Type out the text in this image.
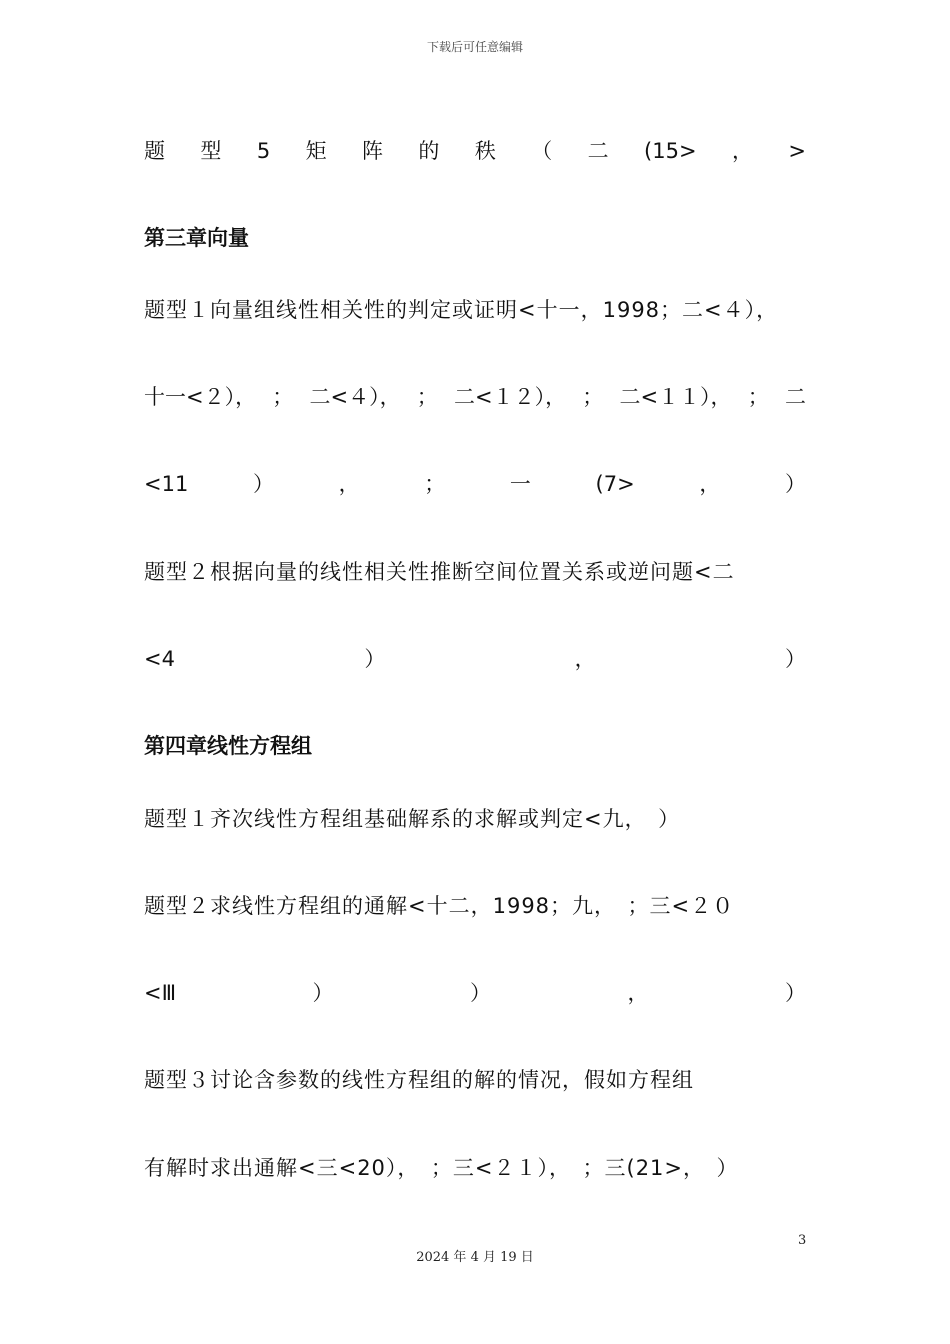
下载后可任意编辑
题 型 5 矩 阵 的 秩 （ 二 (15> ， >
第三章向量
题型１向量组线性相关性的判定或证明<十一，1998；二<４），
十一<２）， ； 二<４）， ； 二<１２）， ； 二<１１）， ； 二
<11	）	，	；	一	(7>	，	）
题型２根据向量的线性相关性推断空间位置关系或逆问题<二
<4	）	，	）
第四章线性方程组
题型１齐次线性方程组基础解系的求解或判定<九，　）
题型２求线性方程组的通解<十二，1998；九，　；三<２０
<Ⅲ	）	）	，	）
题型３讨论含参数的线性方程组的解的情况，假如方程组
有解时求出通解<三<20），　；三<２１），　；三(21>，　）
3
2024 年 4 月 19 日
